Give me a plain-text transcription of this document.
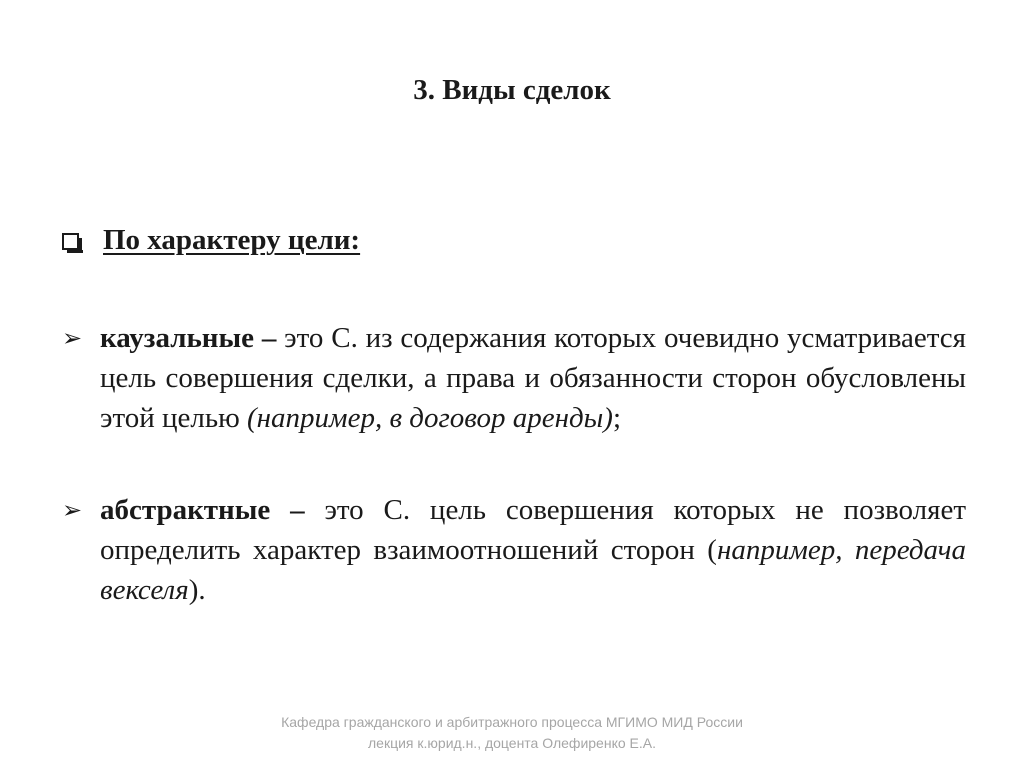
3. Виды сделок
По характеру цели:
➢ каузальные – это С. из содержания которых очевидно усматривается цель совершения сделки, а права и обязанности сторон обусловлены этой целью (например, в договор аренды);
➢ абстрактные – это С. цель совершения которых не позволяет определить характер взаимоотношений сторон (например, передача векселя).
Кафедра гражданского и арбитражного процесса МГИМО МИД России
лекция к.юрид.н., доцента Олефиренко Е.А.
